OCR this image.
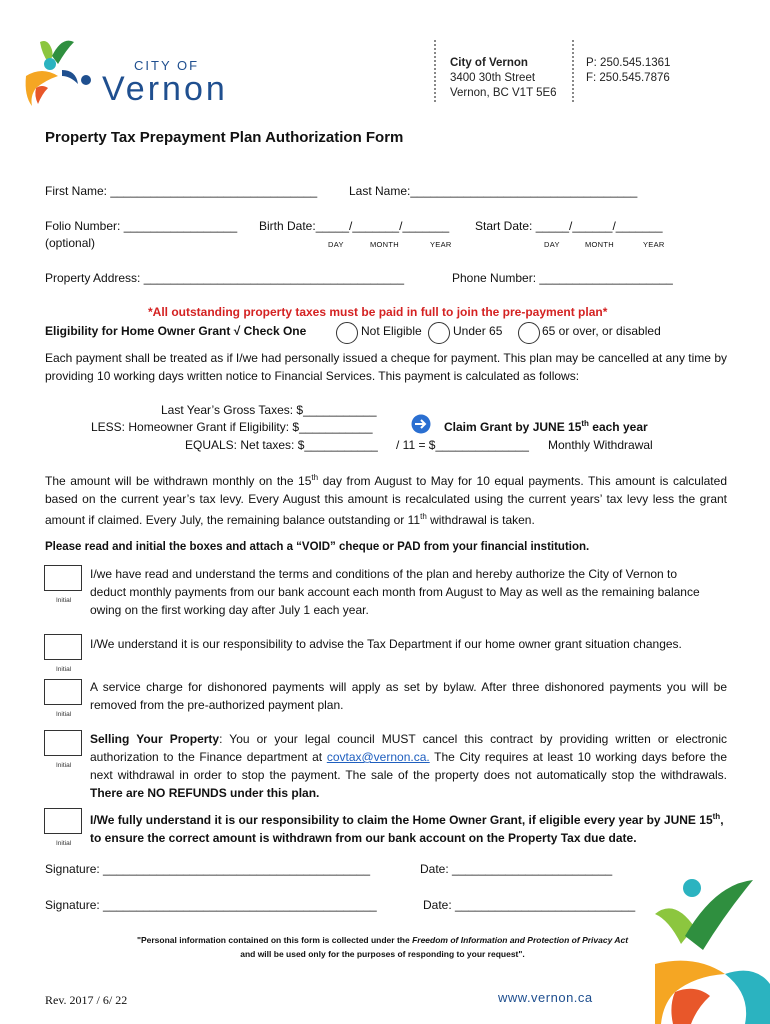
CITY OF
Vernon
City of Vernon
3400 30th Street
Vernon, BC V1T 5E6
P: 250.545.1361
F: 250.545.7876
Property Tax Prepayment Plan Authorization Form
First Name: _______________________________	Last Name:__________________________________
Folio Number: _________________
(optional)
Birth Date:_____/_______/_______
DAY	MONTH	YEAR
Start Date: _____/______/_______
DAY	MONTH	YEAR
Property Address: _______________________________________	Phone Number: ____________________
*All outstanding property taxes must be paid in full to join the pre-payment plan*
Eligibility for Home Owner Grant √ Check One	Not Eligible	Under 65	65 or over, or disabled
Each payment shall be treated as if I/we had personally issued a cheque for payment. This plan may be cancelled at any time by providing 10 working days written notice to Financial Services. This payment is calculated as follows:
Last Year’s Gross Taxes: $___________
LESS: Homeowner Grant if Eligibility: $___________
EQUALS: Net taxes: $___________ / 11 = $______________ Monthly Withdrawal
Claim Grant by JUNE 15th each year
The amount will be withdrawn monthly on the 15th day from August to May for 10 equal payments. This amount is calculated based on the current year’s tax levy. Every August this amount is recalculated using the current years’ tax levy less the grant amount if claimed. Every July, the remaining balance outstanding or 11th withdrawal is taken.
Please read and initial the boxes and attach a “VOID” cheque or PAD from your financial institution.
Initial
I/we have read and understand the terms and conditions of the plan and hereby authorize the City of Vernon to deduct monthly payments from our bank account each month from August to May as well as the remaining balance owing on the first working day after July 1 each year.
Initial
I/We understand it is our responsibility to advise the Tax Department if our home owner grant situation changes.
Initial
A service charge for dishonored payments will apply as set by bylaw. After three dishonored payments you will be removed from the pre-authorized payment plan.
Initial
Selling Your Property: You or your legal council MUST cancel this contract by providing written or electronic authorization to the Finance department at covtax@vernon.ca. The City requires at least 10 working days before the next withdrawal in order to stop the payment. The sale of the property does not automatically stop the withdrawals. There are NO REFUNDS under this plan.
Initial
I/We fully understand it is our responsibility to claim the Home Owner Grant, if eligible every year by JUNE 15th, to ensure the correct amount is withdrawn from our bank account on the Property Tax due date.
Signature: ________________________________________	Date: ________________________
Signature: _________________________________________	Date: ___________________________
"Personal information contained on this form is collected under the Freedom of Information and Protection of Privacy Act
and will be used only for the purposes of responding to your request".
Rev. 2017 / 6/ 22	www.vernon.ca
